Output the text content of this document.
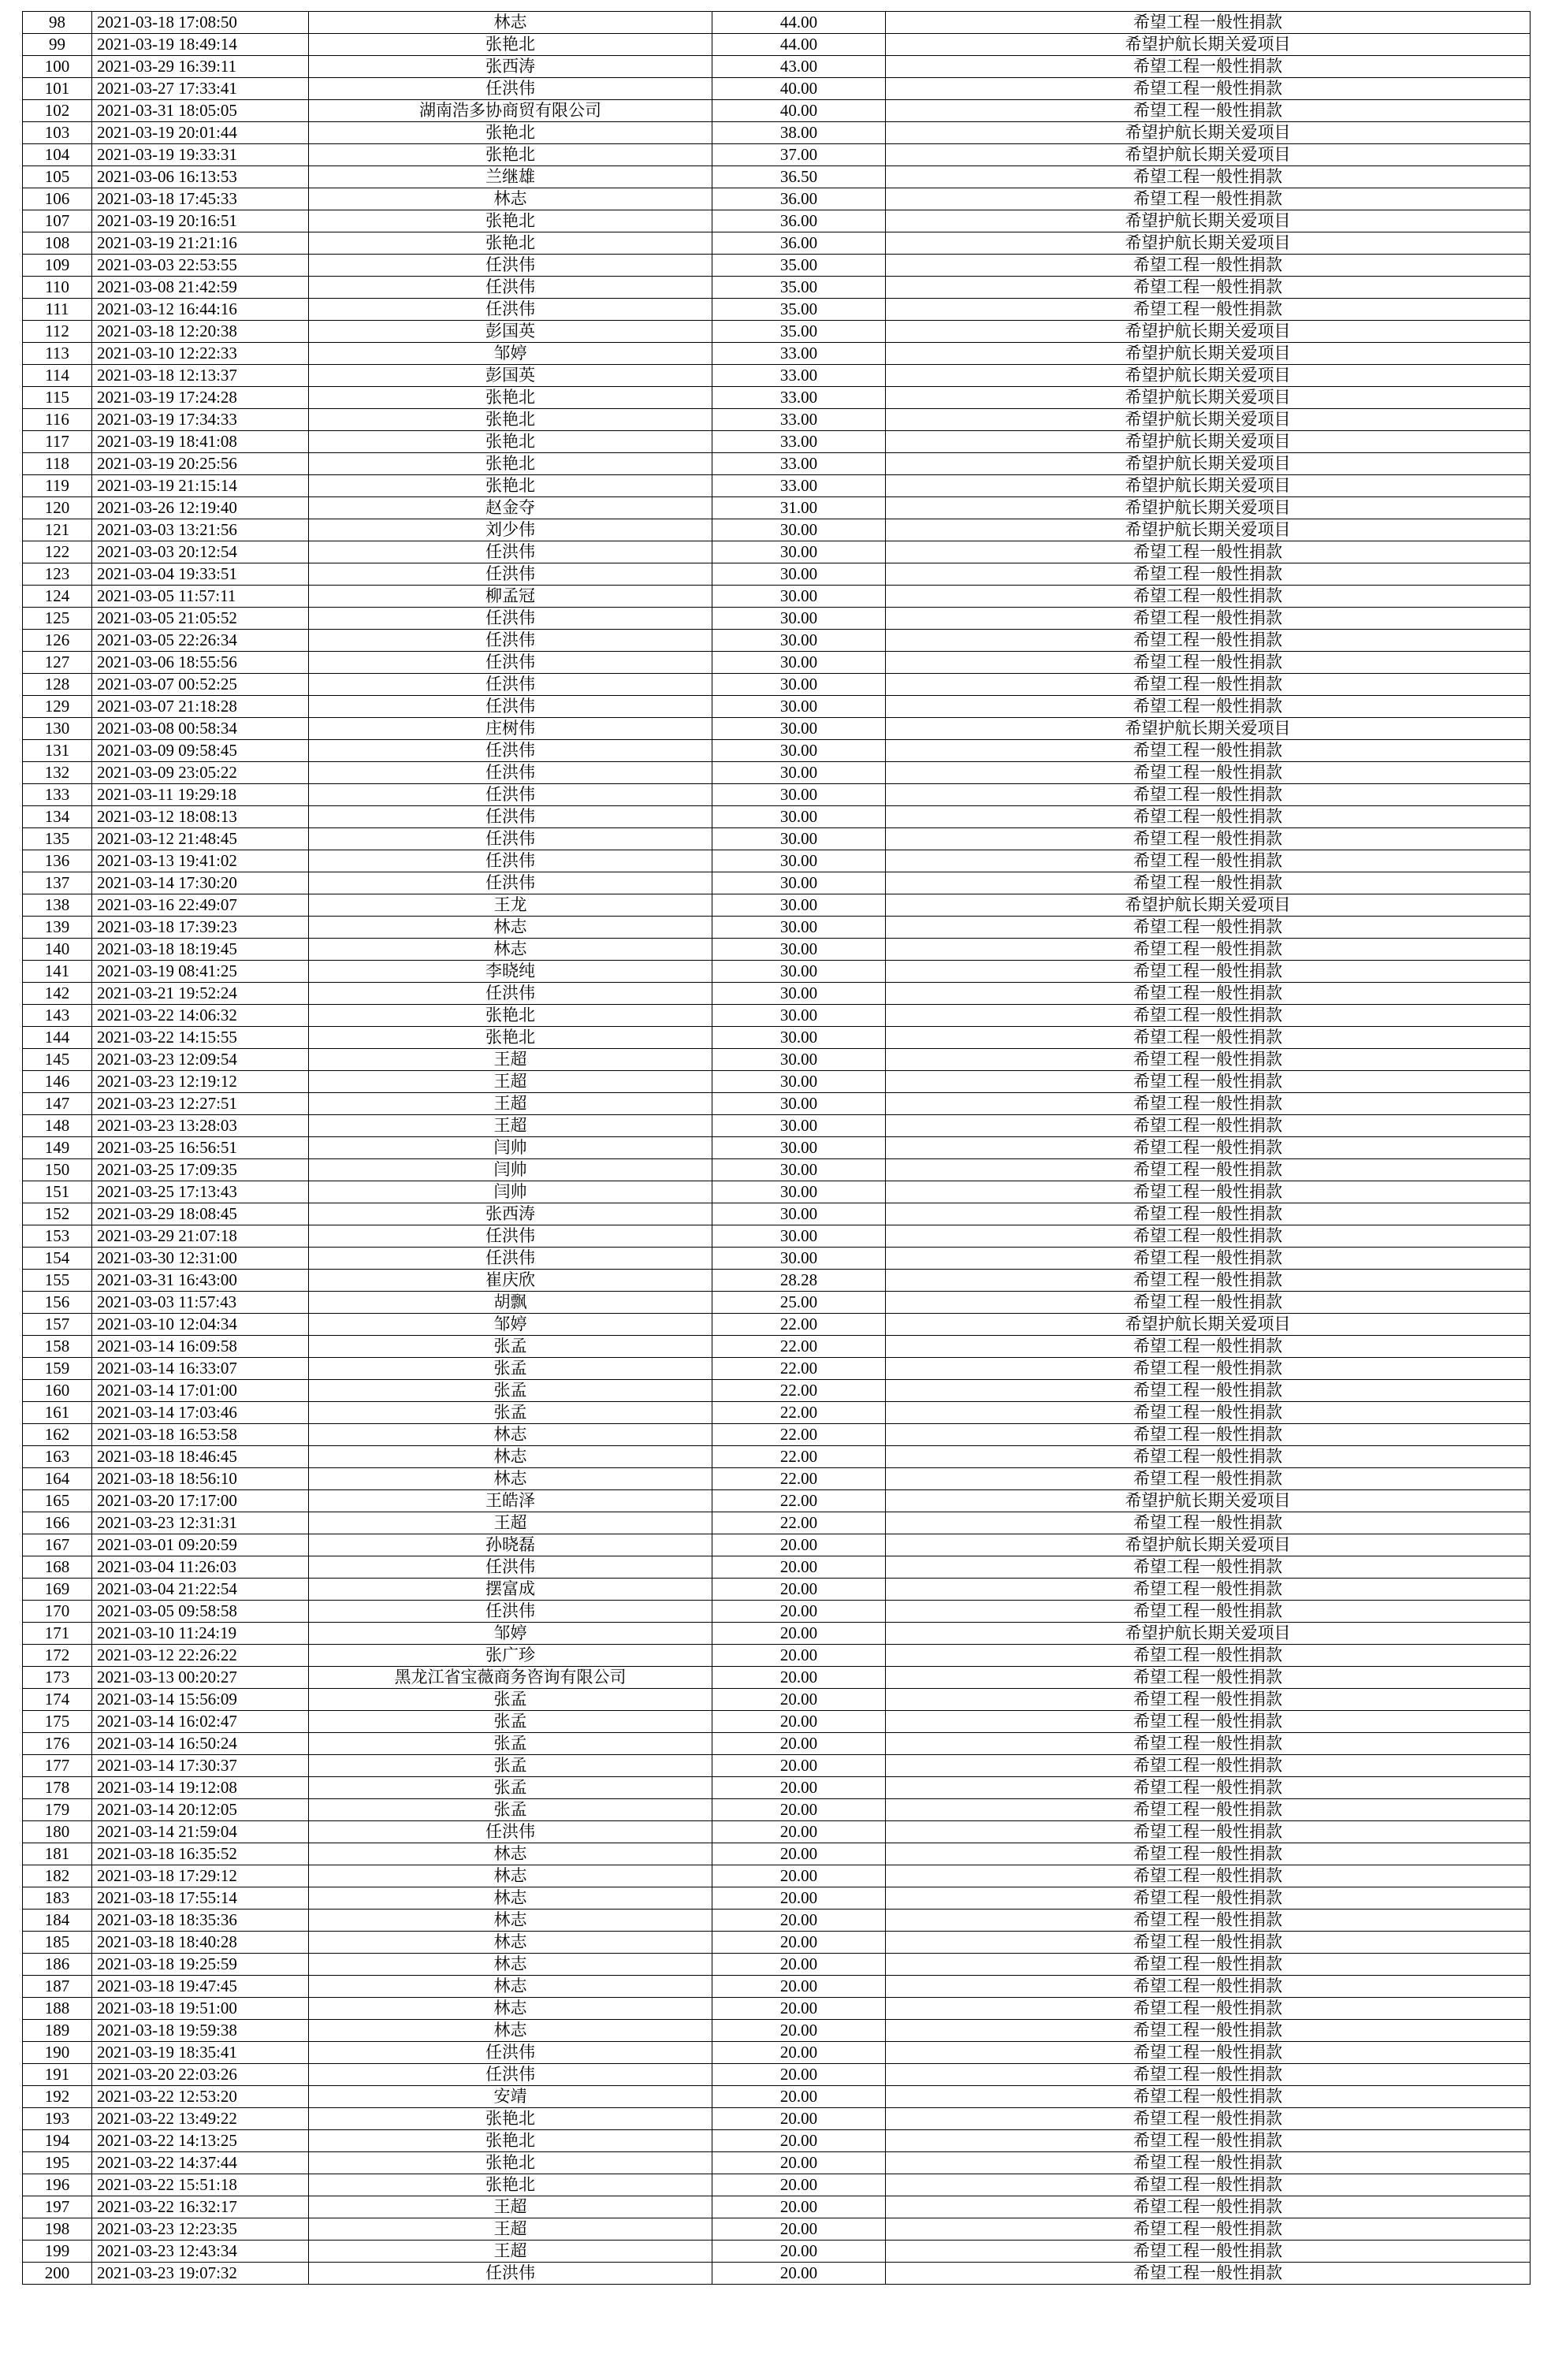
98	2021-03-18 17:08:50	林志	44.00	希望工程一般性捐款
99	2021-03-19 18:49:14	张艳北	44.00	希望护航长期关爱项目
100	2021-03-29 16:39:11	张西涛	43.00	希望工程一般性捐款
101	2021-03-27 17:33:41	任洪伟	40.00	希望工程一般性捐款
102	2021-03-31 18:05:05	湖南浩多协商贸有限公司	40.00	希望工程一般性捐款
103	2021-03-19 20:01:44	张艳北	38.00	希望护航长期关爱项目
104	2021-03-19 19:33:31	张艳北	37.00	希望护航长期关爱项目
105	2021-03-06 16:13:53	兰继雄	36.50	希望工程一般性捐款
106	2021-03-18 17:45:33	林志	36.00	希望工程一般性捐款
107	2021-03-19 20:16:51	张艳北	36.00	希望护航长期关爱项目
108	2021-03-19 21:21:16	张艳北	36.00	希望护航长期关爱项目
109	2021-03-03 22:53:55	任洪伟	35.00	希望工程一般性捐款
110	2021-03-08 21:42:59	任洪伟	35.00	希望工程一般性捐款
111	2021-03-12 16:44:16	任洪伟	35.00	希望工程一般性捐款
112	2021-03-18 12:20:38	彭国英	35.00	希望护航长期关爱项目
113	2021-03-10 12:22:33	邹婷	33.00	希望护航长期关爱项目
114	2021-03-18 12:13:37	彭国英	33.00	希望护航长期关爱项目
115	2021-03-19 17:24:28	张艳北	33.00	希望护航长期关爱项目
116	2021-03-19 17:34:33	张艳北	33.00	希望护航长期关爱项目
117	2021-03-19 18:41:08	张艳北	33.00	希望护航长期关爱项目
118	2021-03-19 20:25:56	张艳北	33.00	希望护航长期关爱项目
119	2021-03-19 21:15:14	张艳北	33.00	希望护航长期关爱项目
120	2021-03-26 12:19:40	赵金夺	31.00	希望护航长期关爱项目
121	2021-03-03 13:21:56	刘少伟	30.00	希望护航长期关爱项目
122	2021-03-03 20:12:54	任洪伟	30.00	希望工程一般性捐款
123	2021-03-04 19:33:51	任洪伟	30.00	希望工程一般性捐款
124	2021-03-05 11:57:11	柳孟冠	30.00	希望工程一般性捐款
125	2021-03-05 21:05:52	任洪伟	30.00	希望工程一般性捐款
126	2021-03-05 22:26:34	任洪伟	30.00	希望工程一般性捐款
127	2021-03-06 18:55:56	任洪伟	30.00	希望工程一般性捐款
128	2021-03-07 00:52:25	任洪伟	30.00	希望工程一般性捐款
129	2021-03-07 21:18:28	任洪伟	30.00	希望工程一般性捐款
130	2021-03-08 00:58:34	庄树伟	30.00	希望护航长期关爱项目
131	2021-03-09 09:58:45	任洪伟	30.00	希望工程一般性捐款
132	2021-03-09 23:05:22	任洪伟	30.00	希望工程一般性捐款
133	2021-03-11 19:29:18	任洪伟	30.00	希望工程一般性捐款
134	2021-03-12 18:08:13	任洪伟	30.00	希望工程一般性捐款
135	2021-03-12 21:48:45	任洪伟	30.00	希望工程一般性捐款
136	2021-03-13 19:41:02	任洪伟	30.00	希望工程一般性捐款
137	2021-03-14 17:30:20	任洪伟	30.00	希望工程一般性捐款
138	2021-03-16 22:49:07	王龙	30.00	希望护航长期关爱项目
139	2021-03-18 17:39:23	林志	30.00	希望工程一般性捐款
140	2021-03-18 18:19:45	林志	30.00	希望工程一般性捐款
141	2021-03-19 08:41:25	李晓纯	30.00	希望工程一般性捐款
142	2021-03-21 19:52:24	任洪伟	30.00	希望工程一般性捐款
143	2021-03-22 14:06:32	张艳北	30.00	希望工程一般性捐款
144	2021-03-22 14:15:55	张艳北	30.00	希望工程一般性捐款
145	2021-03-23 12:09:54	王超	30.00	希望工程一般性捐款
146	2021-03-23 12:19:12	王超	30.00	希望工程一般性捐款
147	2021-03-23 12:27:51	王超	30.00	希望工程一般性捐款
148	2021-03-23 13:28:03	王超	30.00	希望工程一般性捐款
149	2021-03-25 16:56:51	闫帅	30.00	希望工程一般性捐款
150	2021-03-25 17:09:35	闫帅	30.00	希望工程一般性捐款
151	2021-03-25 17:13:43	闫帅	30.00	希望工程一般性捐款
152	2021-03-29 18:08:45	张西涛	30.00	希望工程一般性捐款
153	2021-03-29 21:07:18	任洪伟	30.00	希望工程一般性捐款
154	2021-03-30 12:31:00	任洪伟	30.00	希望工程一般性捐款
155	2021-03-31 16:43:00	崔庆欣	28.28	希望工程一般性捐款
156	2021-03-03 11:57:43	胡飘	25.00	希望工程一般性捐款
157	2021-03-10 12:04:34	邹婷	22.00	希望护航长期关爱项目
158	2021-03-14 16:09:58	张孟	22.00	希望工程一般性捐款
159	2021-03-14 16:33:07	张孟	22.00	希望工程一般性捐款
160	2021-03-14 17:01:00	张孟	22.00	希望工程一般性捐款
161	2021-03-14 17:03:46	张孟	22.00	希望工程一般性捐款
162	2021-03-18 16:53:58	林志	22.00	希望工程一般性捐款
163	2021-03-18 18:46:45	林志	22.00	希望工程一般性捐款
164	2021-03-18 18:56:10	林志	22.00	希望工程一般性捐款
165	2021-03-20 17:17:00	王皓泽	22.00	希望护航长期关爱项目
166	2021-03-23 12:31:31	王超	22.00	希望工程一般性捐款
167	2021-03-01 09:20:59	孙晓磊	20.00	希望护航长期关爱项目
168	2021-03-04 11:26:03	任洪伟	20.00	希望工程一般性捐款
169	2021-03-04 21:22:54	摆富成	20.00	希望工程一般性捐款
170	2021-03-05 09:58:58	任洪伟	20.00	希望工程一般性捐款
171	2021-03-10 11:24:19	邹婷	20.00	希望护航长期关爱项目
172	2021-03-12 22:26:22	张广珍	20.00	希望工程一般性捐款
173	2021-03-13 00:20:27	黑龙江省宝薇商务咨询有限公司	20.00	希望工程一般性捐款
174	2021-03-14 15:56:09	张孟	20.00	希望工程一般性捐款
175	2021-03-14 16:02:47	张孟	20.00	希望工程一般性捐款
176	2021-03-14 16:50:24	张孟	20.00	希望工程一般性捐款
177	2021-03-14 17:30:37	张孟	20.00	希望工程一般性捐款
178	2021-03-14 19:12:08	张孟	20.00	希望工程一般性捐款
179	2021-03-14 20:12:05	张孟	20.00	希望工程一般性捐款
180	2021-03-14 21:59:04	任洪伟	20.00	希望工程一般性捐款
181	2021-03-18 16:35:52	林志	20.00	希望工程一般性捐款
182	2021-03-18 17:29:12	林志	20.00	希望工程一般性捐款
183	2021-03-18 17:55:14	林志	20.00	希望工程一般性捐款
184	2021-03-18 18:35:36	林志	20.00	希望工程一般性捐款
185	2021-03-18 18:40:28	林志	20.00	希望工程一般性捐款
186	2021-03-18 19:25:59	林志	20.00	希望工程一般性捐款
187	2021-03-18 19:47:45	林志	20.00	希望工程一般性捐款
188	2021-03-18 19:51:00	林志	20.00	希望工程一般性捐款
189	2021-03-18 19:59:38	林志	20.00	希望工程一般性捐款
190	2021-03-19 18:35:41	任洪伟	20.00	希望工程一般性捐款
191	2021-03-20 22:03:26	任洪伟	20.00	希望工程一般性捐款
192	2021-03-22 12:53:20	安靖	20.00	希望工程一般性捐款
193	2021-03-22 13:49:22	张艳北	20.00	希望工程一般性捐款
194	2021-03-22 14:13:25	张艳北	20.00	希望工程一般性捐款
195	2021-03-22 14:37:44	张艳北	20.00	希望工程一般性捐款
196	2021-03-22 15:51:18	张艳北	20.00	希望工程一般性捐款
197	2021-03-22 16:32:17	王超	20.00	希望工程一般性捐款
198	2021-03-23 12:23:35	王超	20.00	希望工程一般性捐款
199	2021-03-23 12:43:34	王超	20.00	希望工程一般性捐款
200	2021-03-23 19:07:32	任洪伟	20.00	希望工程一般性捐款
